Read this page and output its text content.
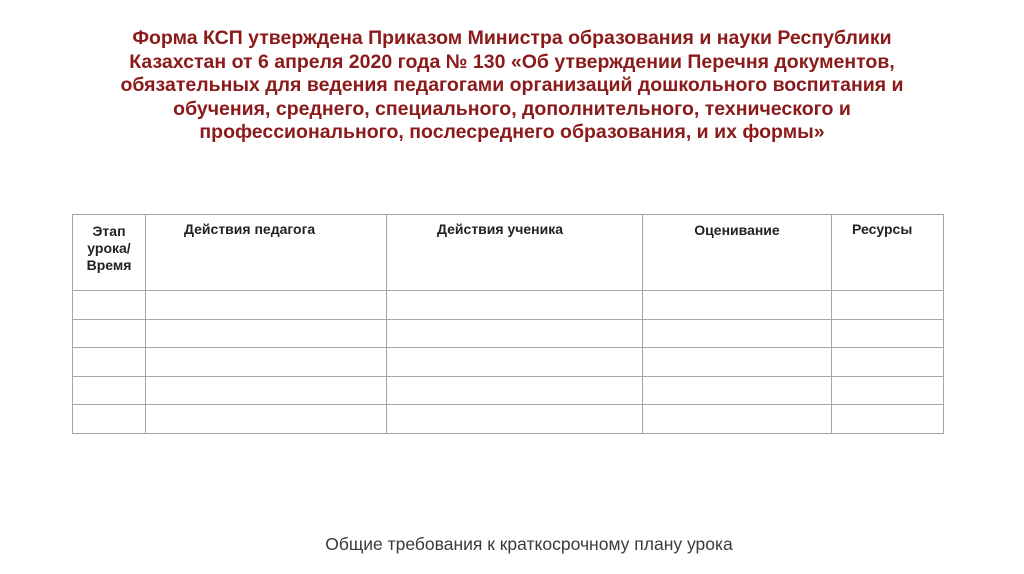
Форма КСП утверждена Приказом Министра образования и науки Республики
Казахстан от 6 апреля 2020 года № 130 «Об утверждении Перечня документов,
обязательных для ведения педагогами организаций дошкольного воспитания и
обучения, среднего, специального, дополнительного, технического и
профессионального, послесреднего образования, и их формы»
Этап
урока/
Время	Действия педагога	Действия ученика	Оценивание	Ресурсы

Общие требования к краткосрочному плану урока
